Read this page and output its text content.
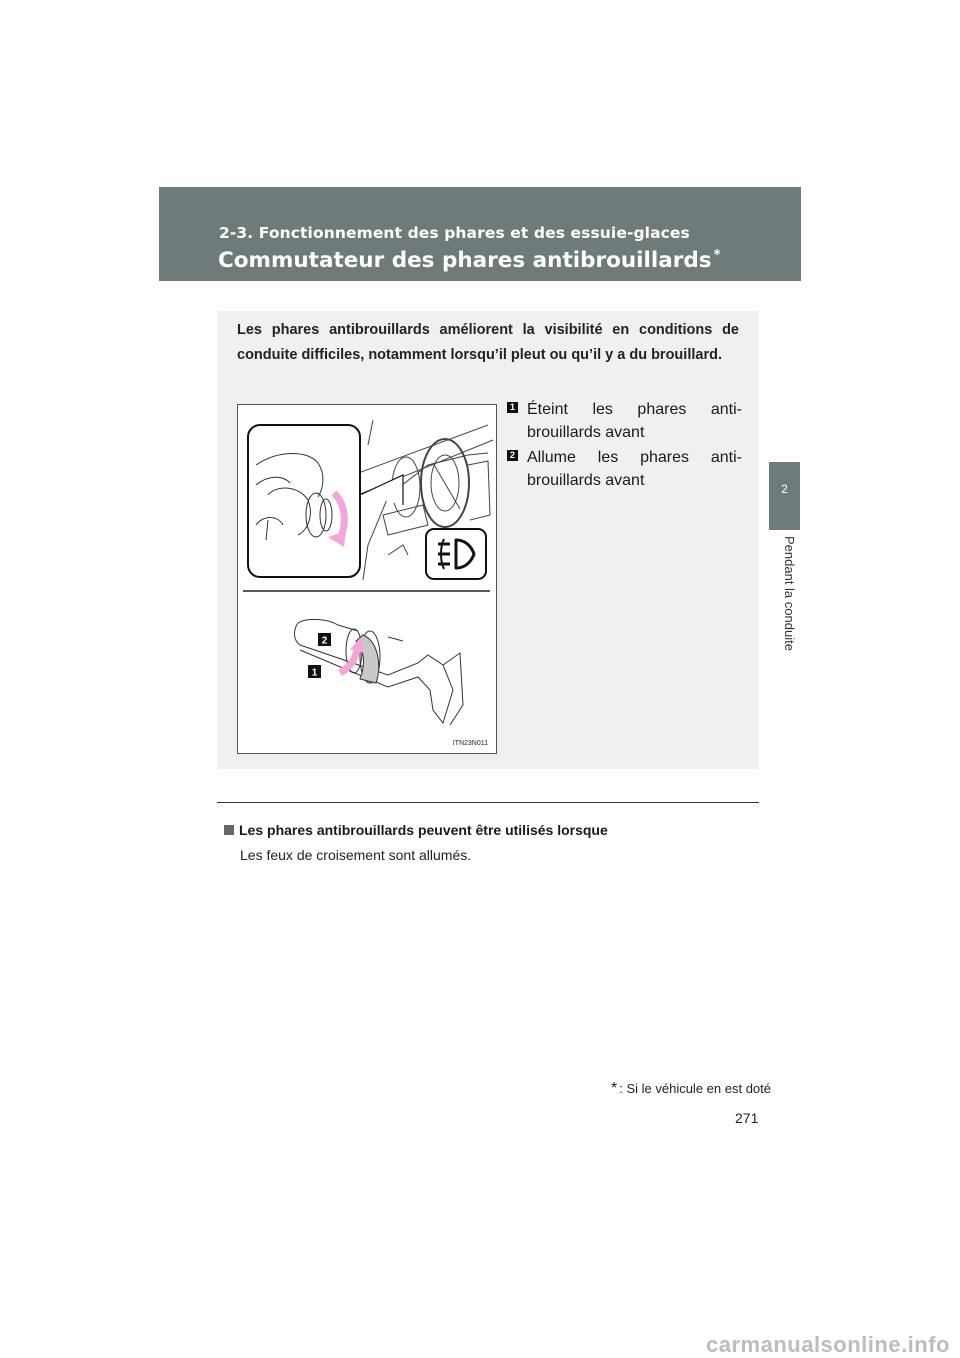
2-3. Fonctionnement des phares et des essuie-glaces
Commutateur des phares antibrouillards *
2
Pendant la conduite

Les phares antibrouillards améliorent la visibilité en conditions de conduite difficiles, notamment lorsqu’il pleut ou qu’il y a du brouillard.

2
1
ITN23N011
1 Éteint les phares anti-brouillards avant
2 Allume les phares anti-brouillards avant
Les phares antibrouillards peuvent être utilisés lorsque
Les feux de croisement sont allumés.
* : Si le véhicule en est doté
271
carmanualsonline.info
